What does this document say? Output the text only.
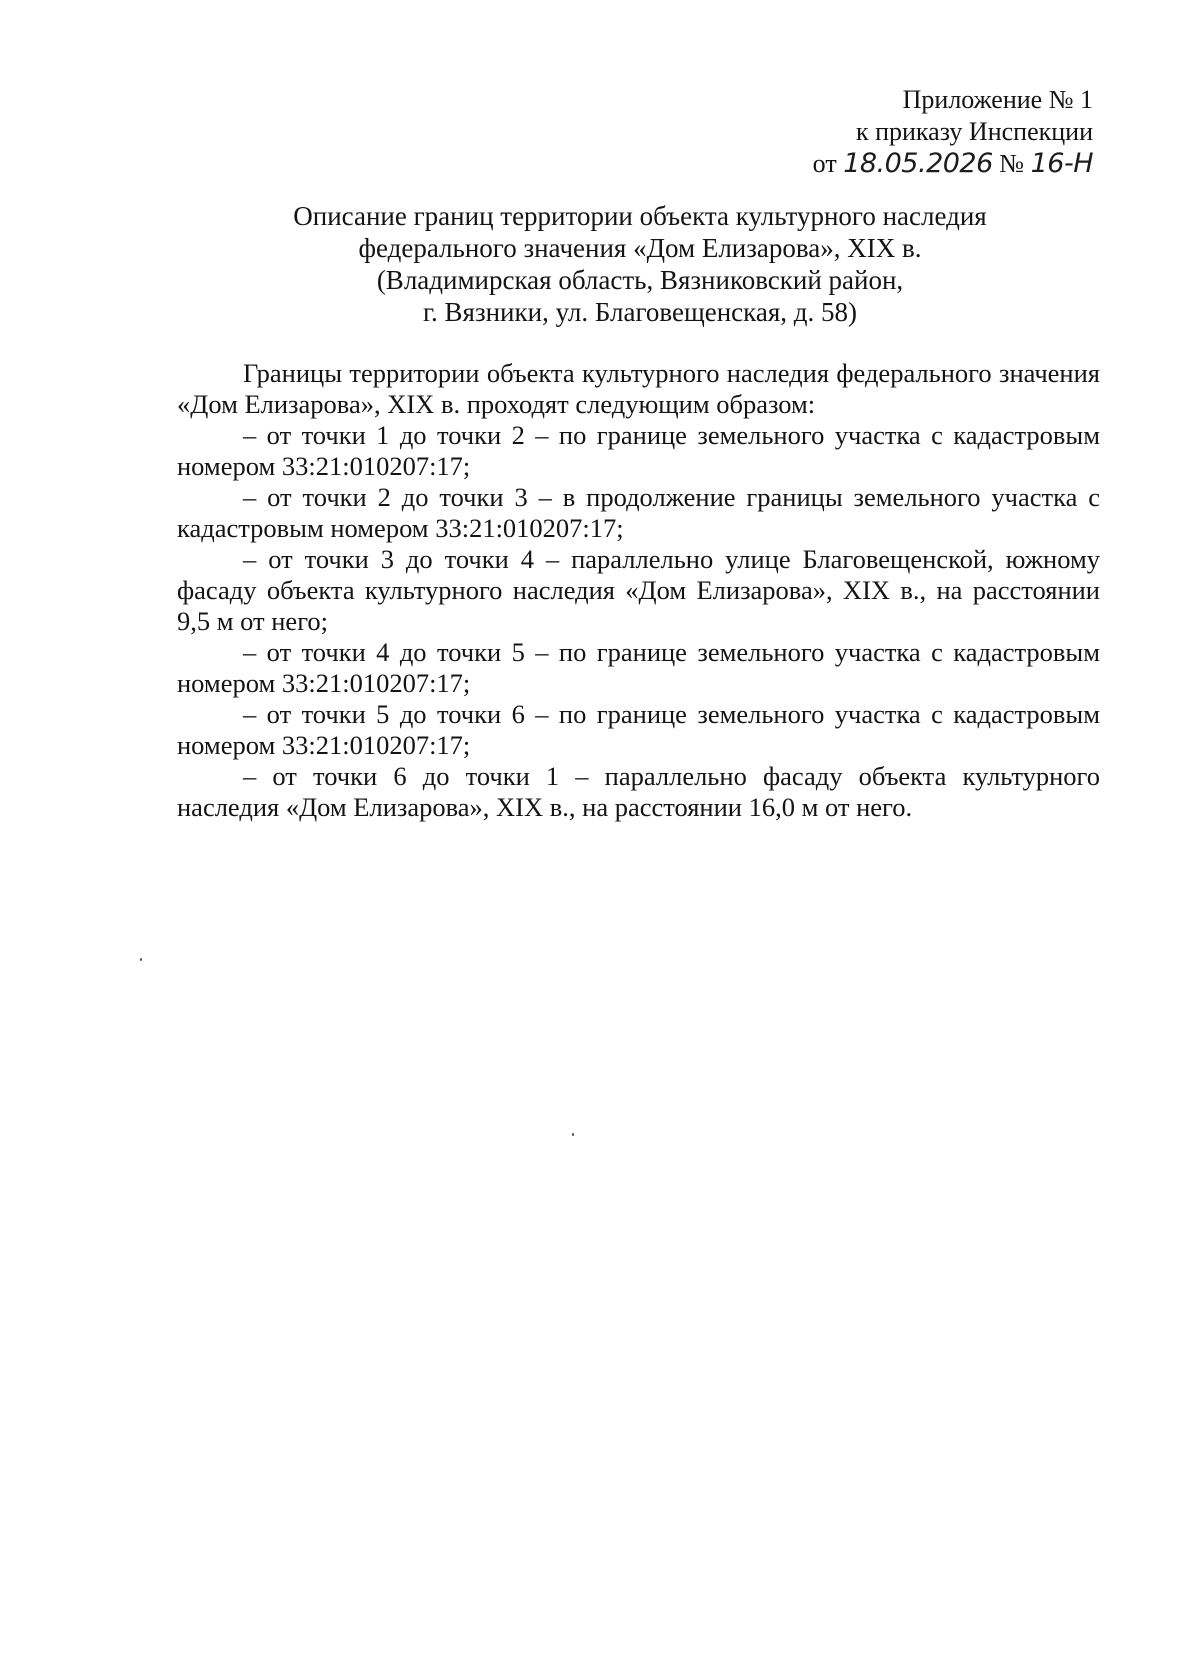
Приложение № 1
к приказу Инспекции
от 18.05.2026 № 16-Н
Описание границ территории объекта культурного наследия
федерального значения «Дом Елизарова», XIX в.
(Владимирская область, Вязниковский район,
г. Вязники, ул. Благовещенская, д. 58)

Границы территории объекта культурного наследия федерального значения «Дом Елизарова», XIX в. проходят следующим образом:

– от точки 1 до точки 2 – по границе земельного участка с кадастровым номером 33:21:010207:17;

– от точки 2 до точки 3 – в продолжение границы земельного участка с кадастровым номером 33:21:010207:17;

– от точки 3 до точки 4 – параллельно улице Благовещенской, южному фасаду объекта культурного наследия «Дом Елизарова», XIX в., на расстоянии 9,5 м от него;

– от точки 4 до точки 5 – по границе земельного участка с кадастровым номером 33:21:010207:17;

– от точки 5 до точки 6 – по границе земельного участка с кадастровым номером 33:21:010207:17;

– от точки 6 до точки 1 – параллельно фасаду объекта культурного наследия «Дом Елизарова», XIX в., на расстоянии 16,0 м от него.
